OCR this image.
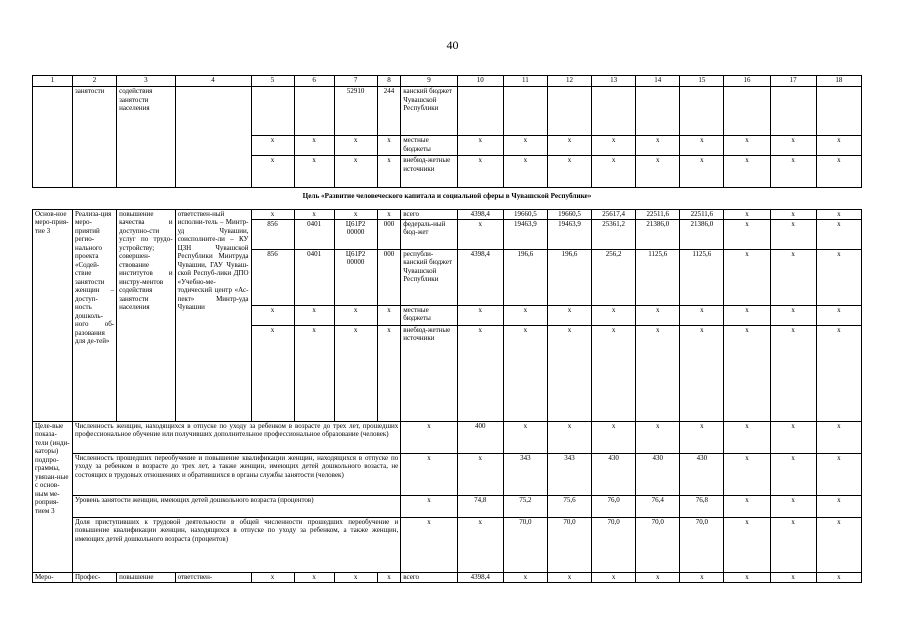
40
1	2	3	4	5	6	7	8	9	10	11	12	13	14	15	16	17	18
	занятости	содействия занятости населения				52910	244	канский бюджет Чувашской Республики									
				x	x	x	x	местные бюджеты	x	x	x	x	x	x	x	x	x
				x	x	x	x	внебюд-жетные источники	x	x	x	x	x	x	x	x	x
Цель «Развитие человеческого капитала и социальной сферы в Чувашской Республике»																	
Основ-ное меро-прия-тие 3	Реализа-ция меро-приятий регио-нального проекта «Содей-ствие занятости женщин – доступ-ность дошколь-ного об-разования для де-тей»	повышение качества и доступно-сти услуг по трудо-устройству; совершен-ствование институтов и инстру-ментов содействия занятости населения	ответствен-ный исполни-тель – Минтр-уд Чувашии, соисполните-ли – КУ ЦЗН Чувашской Республики Минтруда Чувашии, ГАУ Чуваш-ской Респуб-лики ДПО «Учебно-ме-тодический центр «Ас-пект» Минтр-уда Чувашии	x	x	x	x	всего	4398,4	19660,5	19660,5	25617,4	22511,6	22511,6	x	x	x
				856	0401	Ц61Р2 00000	000	федераль-ный бюд-жет	x	19463,9	19463,9	25361,2	21386,0	21386,0	x	x	x
				856	0401	Ц61Р2 00000	000	республи-канский бюджет Чувашской Республики	4398,4	196,6	196,6	256,2	1125,6	1125,6	x	x	x
				x	x	x	x	местные бюджеты	x	x	x	x	x	x	x	x	x
				x	x	x	x	внебюд-жетные источники	x	x	x	x	x	x	x	x	x
Целе-вые показа-тели (инди-каторы) подпро-граммы, увязан-ные с основ-ным ме-роприя-тием 3	Численность женщин, находящихся в отпуске по уходу за ребенком в возрасте до трех лет, прошедших профессиональное обучение или получивших дополнительное профессиональное образование (человек)							x	400	x	x	x	x	x	x	x	x
	Численность прошедших переобучение и повышение квалификации женщин, находящихся в отпуске по уходу за ребенком в возрасте до трех лет, а также женщин, имеющих детей дошкольного возаста, не состоящих в трудовых отношениях и обратившихся в органы службы занятости (человек)							x	x	343	343	430	430	430	x	x	x
	Уровень занятости женщин, имеющих детей дошкольного возраста (процентов)							x	74,8	75,2	75,6	76,0	76,4	76,8	x	x	x
	Доля приступивших к трудовой деятельности в общей численности прошедших переобучение и повышение квалификации женщин, находящихся в отпуске по уходу за ребенком, а также женщин, имеющих детей дошкольного возраста (процентов)							x	x	70,0	70,0	70,0	70,0	70,0	x	x	x
Меро-	Профес-	повышение	ответствен-	x	x	x	x	всего	4398,4	x	x	x	x	x	x	x	x
